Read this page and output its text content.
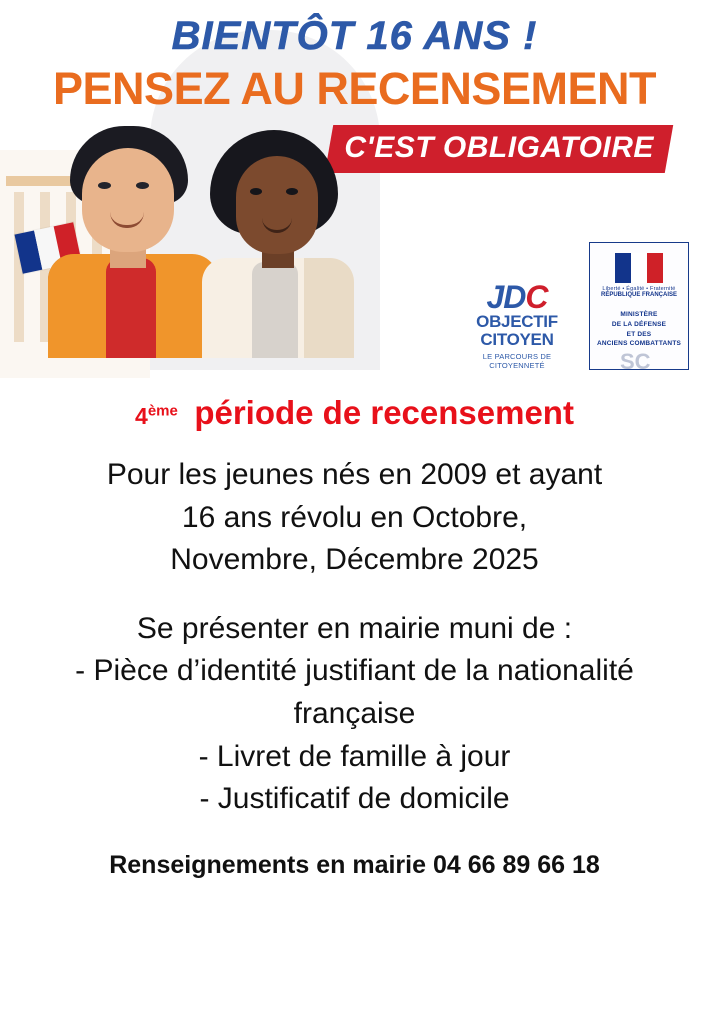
BIENTÔT 16 ANS !
PENSEZ AU RECENSEMENT
C'EST OBLIGATOIRE
JDC
OBJECTIF
CITOYEN
LE PARCOURS DE CITOYENNETÉ
Liberté • Égalité • Fraternité
RÉPUBLIQUE FRANÇAISE
MINISTÈRE
DE LA DÉFENSE
ET DES
ANCIENS COMBATTANTS
SC
4ème période de recensement
Pour les jeunes nés en 2009 et ayant
16 ans révolu en Octobre,
Novembre, Décembre 2025
Se présenter en mairie muni de :
- Pièce d’identité justifiant de la nationalité
française
- Livret de famille à jour
- Justificatif de domicile
Renseignements en mairie 04 66 89 66 18
